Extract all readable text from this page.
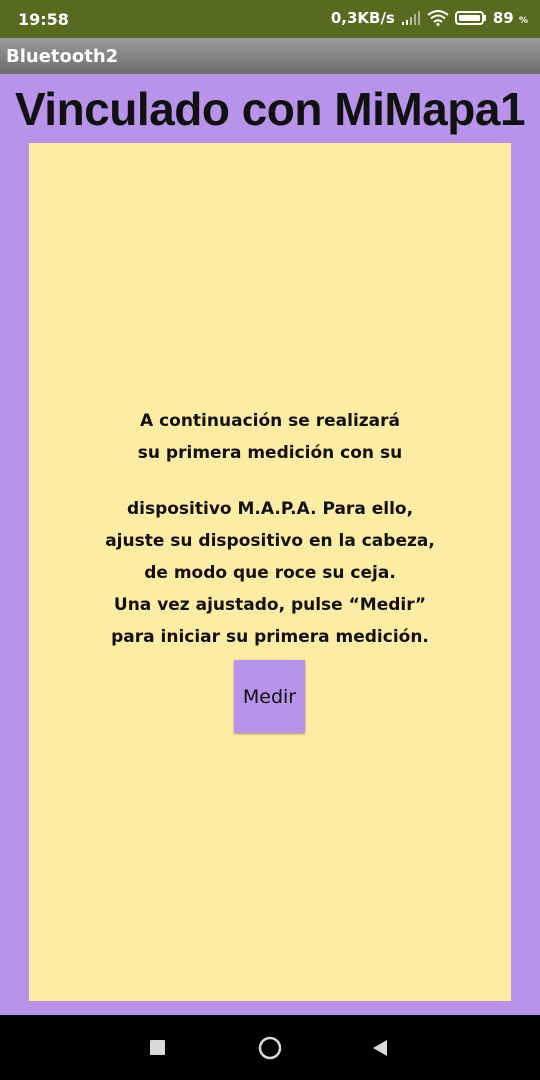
19:58	0,3KB/s	89 %
Bluetooth2
Vinculado con MiMapa1
A continuación se realizará
su primera medición con su
dispositivo M.A.P.A. Para ello,
ajuste su dispositivo en la cabeza,
de modo que roce su ceja.
Una vez ajustado, pulse “Medir”
para iniciar su primera medición.
Medir
